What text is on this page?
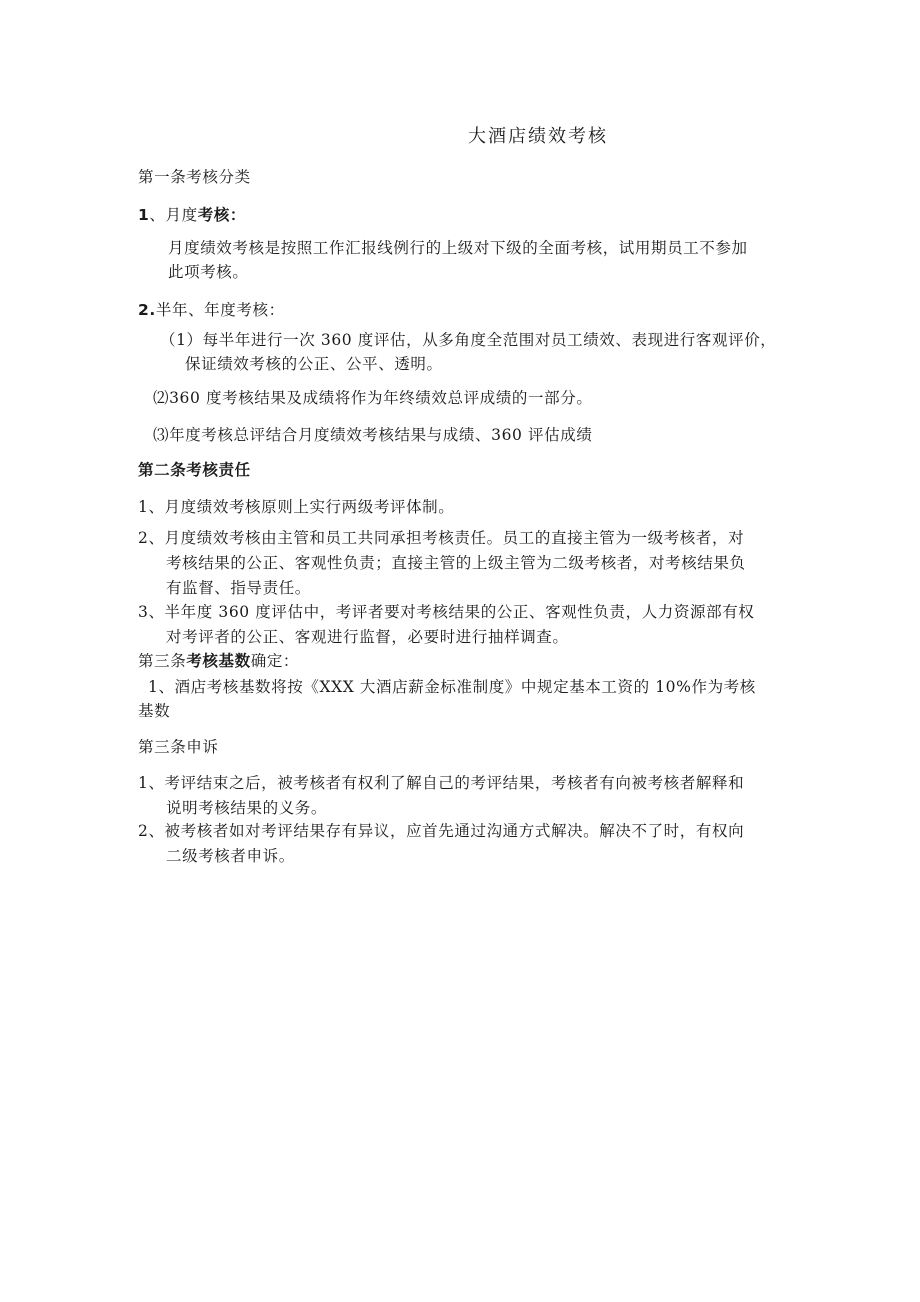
大酒店绩效考核
第一条考核分类
1、月度考核：
月度绩效考核是按照工作汇报线例行的上级对下级的全面考核，试用期员工不参加
此项考核。
2.半年、年度考核：
（1）每半年进行一次 360 度评估，从多角度全范围对员工绩效、表现进行客观评价，
保证绩效考核的公正、公平、透明。
⑵360 度考核结果及成绩将作为年终绩效总评成绩的一部分。
⑶年度考核总评结合月度绩效考核结果与成绩、360 评估成绩
第二条考核责任
1、月度绩效考核原则上实行两级考评体制。
2、月度绩效考核由主管和员工共同承担考核责任。员工的直接主管为一级考核者，对
考核结果的公正、客观性负责；直接主管的上级主管为二级考核者，对考核结果负
有监督、指导责任。
3、半年度 360 度评估中，考评者要对考核结果的公正、客观性负责，人力资源部有权
对考评者的公正、客观进行监督，必要时进行抽样调查。
第三条考核基数确定：
1、酒店考核基数将按《XXX 大酒店薪金标准制度》中规定基本工资的 10%作为考核
基数
第三条申诉
1、考评结束之后，被考核者有权利了解自己的考评结果，考核者有向被考核者解释和
说明考核结果的义务。
2、被考核者如对考评结果存有异议，应首先通过沟通方式解决。解决不了时，有权向
二级考核者申诉。
